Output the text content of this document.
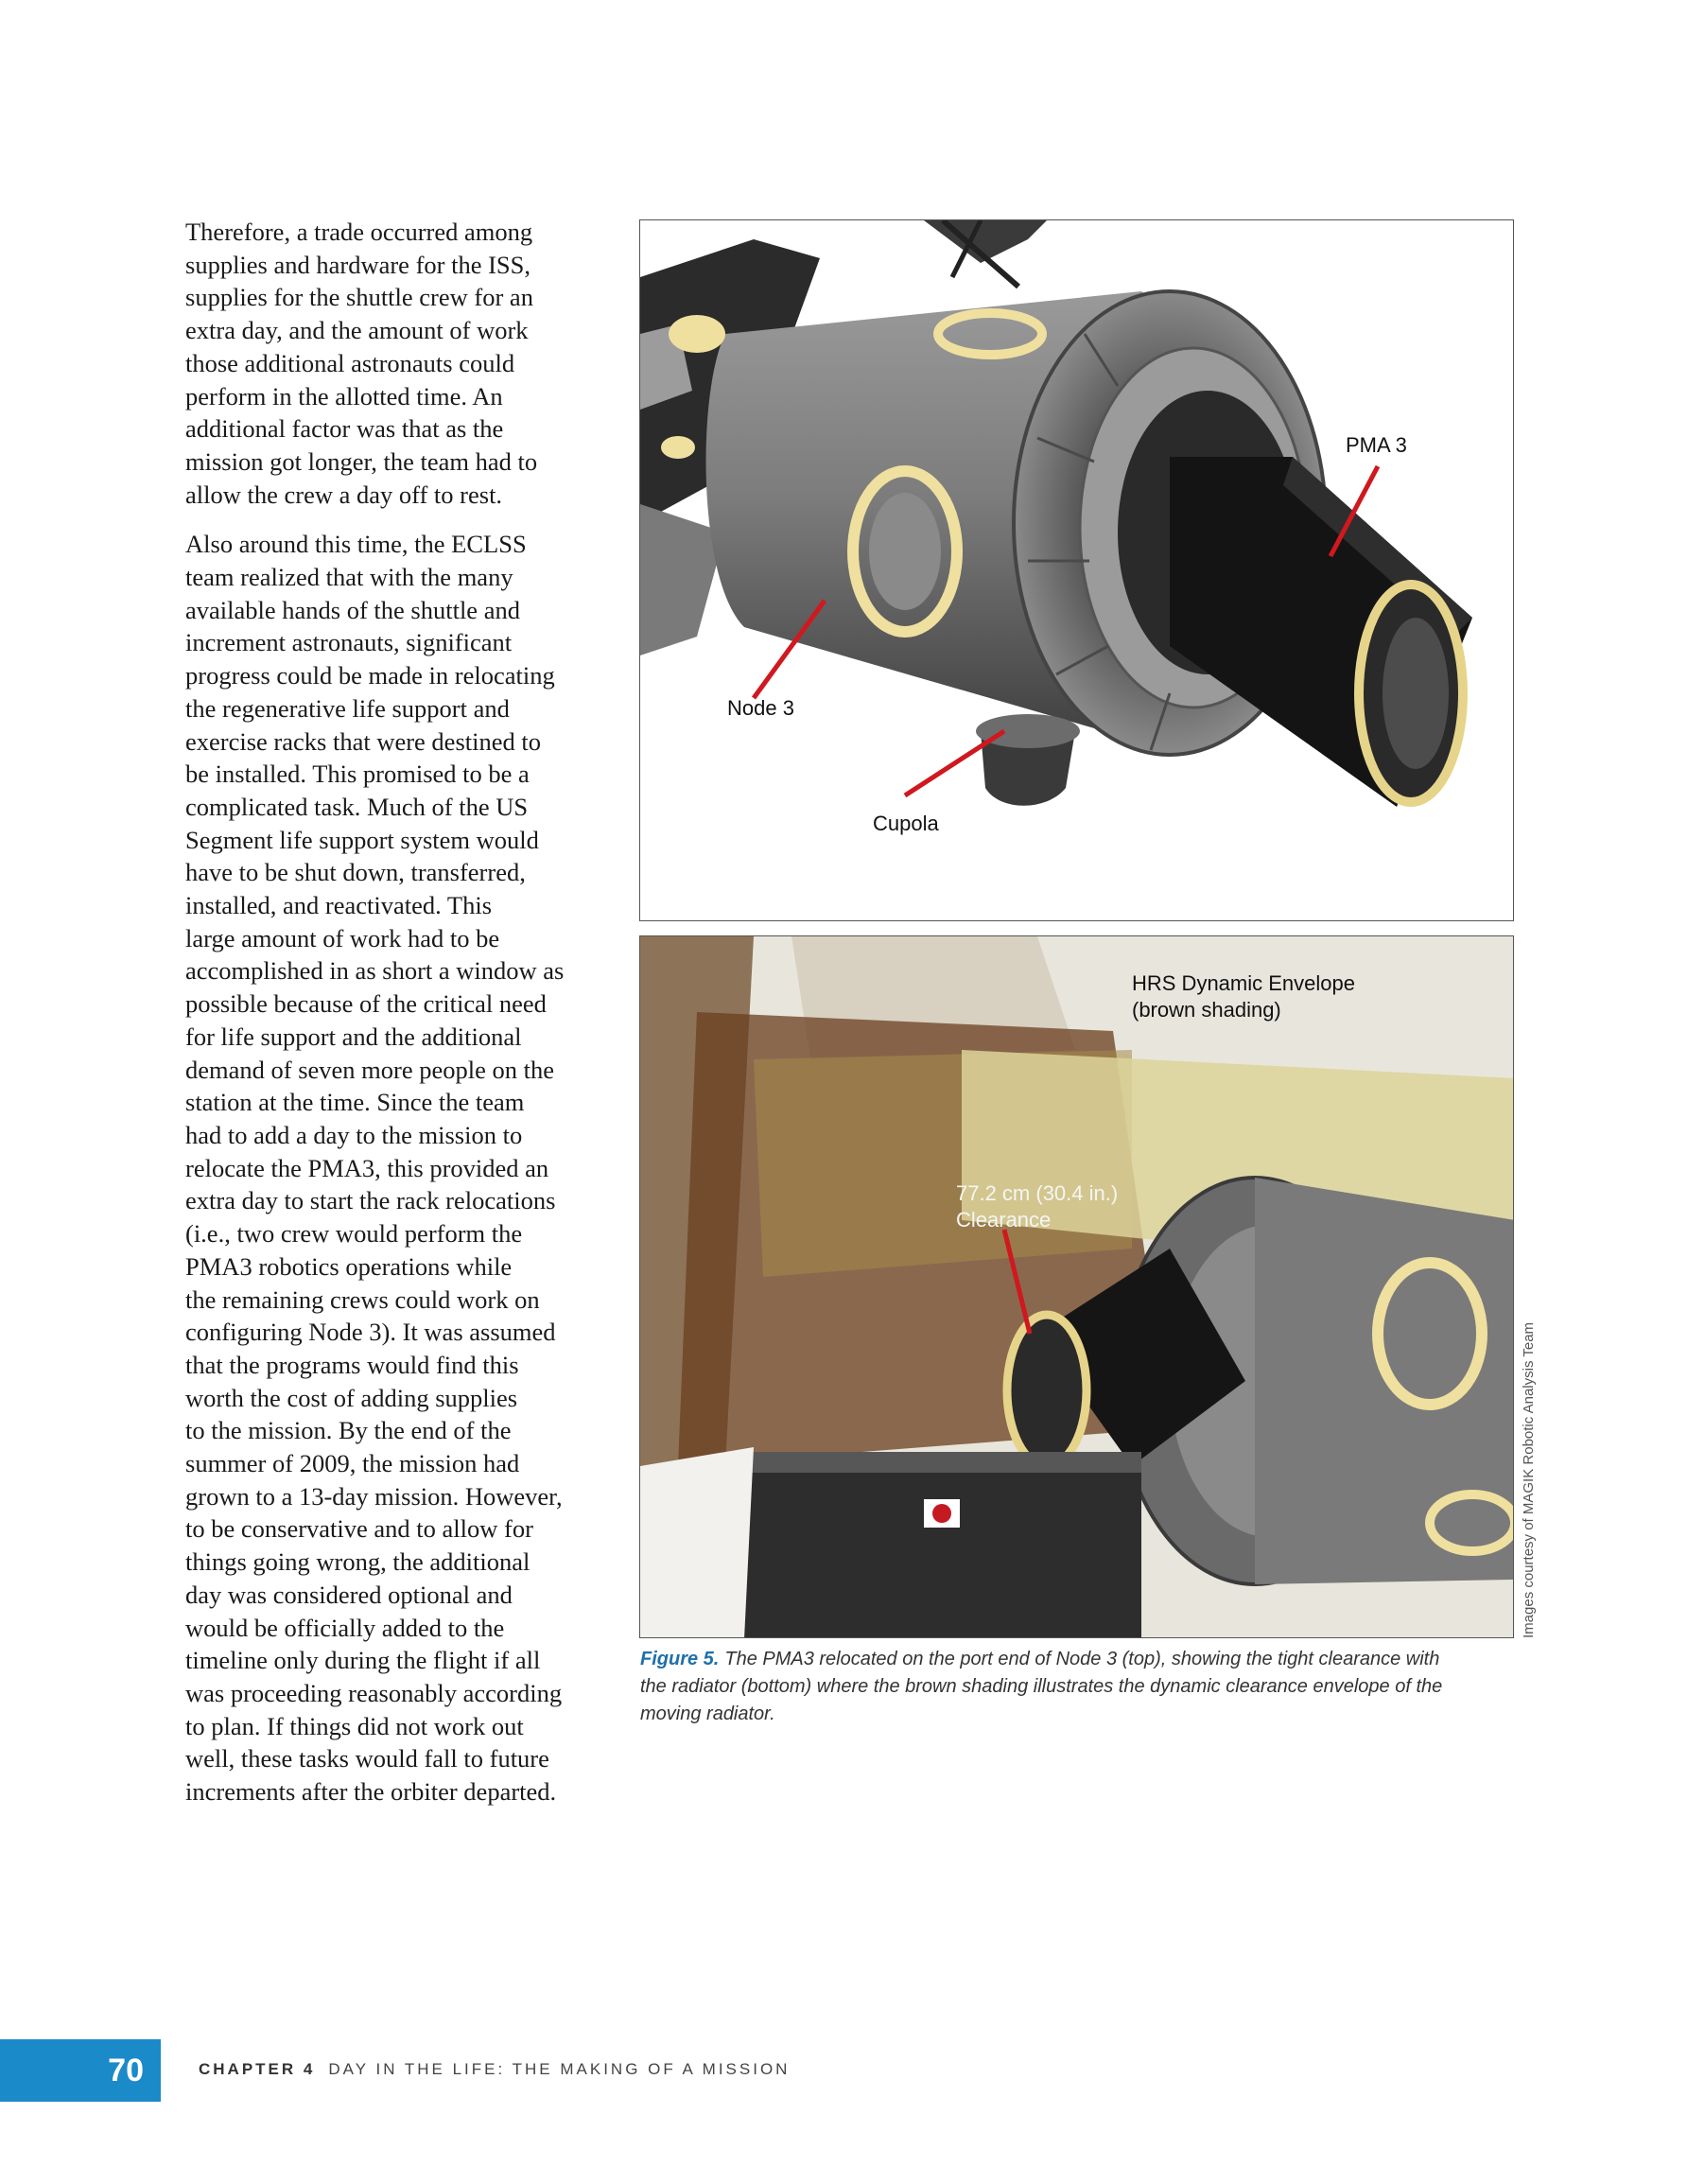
Therefore, a trade occurred among
supplies and hardware for the ISS,
supplies for the shuttle crew for an
extra day, and the amount of work
those additional astronauts could
perform in the allotted time. An
additional factor was that as the
mission got longer, the team had to
allow the crew a day off to rest.

Also around this time, the ECLSS
team realized that with the many
available hands of the shuttle and
increment astronauts, significant
progress could be made in relocating
the regenerative life support and
exercise racks that were destined to
be installed. This promised to be a
complicated task. Much of the US
Segment life support system would
have to be shut down, transferred,
installed, and reactivated. This
large amount of work had to be
accomplished in as short a window as
possible because of the critical need
for life support and the additional
demand of seven more people on the
station at the time. Since the team
had to add a day to the mission to
relocate the PMA3, this provided an
extra day to start the rack relocations
(i.e., two crew would perform the
PMA3 robotics operations while
the remaining crews could work on
configuring Node 3). It was assumed
that the programs would find this
worth the cost of adding supplies
to the mission. By the end of the
summer of 2009, the mission had
grown to a 13-day mission. However,
to be conservative and to allow for
things going wrong, the additional
day was considered optional and
would be officially added to the
timeline only during the flight if all
was proceeding reasonably according
to plan. If things did not work out
well, these tasks would fall to future
increments after the orbiter departed.

PMA 3
Node 3
Cupola
HRS Dynamic Envelope
(brown shading)
77.2 cm (30.4 in.)
Clearance
Images courtesy of MAGIK Robotic Analysis Team
Figure 5. The PMA3 relocated on the port end of Node 3 (top), showing the tight clearance with the radiator (bottom) where the brown shading illustrates the dynamic clearance envelope of the moving radiator.
70	CHAPTER 4 DAY IN THE LIFE: THE MAKING OF A MISSION
